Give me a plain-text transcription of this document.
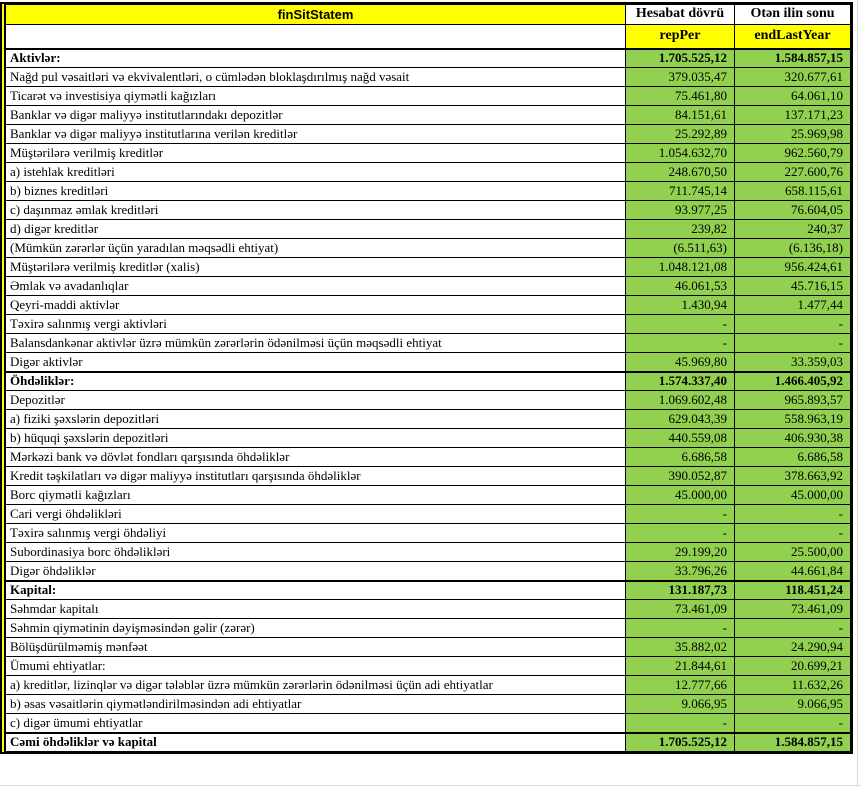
finSitStatem	Hesabat dövrü	Otən ilin sonu
	repPer	endLastYear
Aktivlər:	1.705.525,12	1.584.857,15
Nağd pul vəsaitləri və ekvivalentləri, o cümlədən bloklaşdırılmış nağd vəsait	379.035,47	320.677,61
Ticarət və investisiya qiymətli kağızları	75.461,80	64.061,10
Banklar və digər maliyyə institutlarındakı depozitlər	84.151,61	137.171,23
Banklar və digər maliyyə institutlarına verilən kreditlər	25.292,89	25.969,98
Müştərilərə verilmiş kreditlər	1.054.632,70	962.560,79
a) istehlak kreditləri	248.670,50	227.600,76
b) biznes kreditləri	711.745,14	658.115,61
c) daşınmaz əmlak kreditləri	93.977,25	76.604,05
d) digər kreditlər	239,82	240,37
(Mümkün zərərlər üçün yaradılan məqsədli ehtiyat)	(6.511,63)	(6.136,18)
Müştərilərə verilmiş kreditlər (xalis)	1.048.121,08	956.424,61
Əmlak və avadanlıqlar	46.061,53	45.716,15
Qeyri-maddi aktivlər	1.430,94	1.477,44
Təxirə salınmış vergi aktivləri	-	-
Balansdankənar aktivlər üzrə mümkün zərərlərin ödənilməsi üçün məqsədli ehtiyat	-	-
Digər aktivlər	45.969,80	33.359,03
Öhdəliklər:	1.574.337,40	1.466.405,92
Depozitlər	1.069.602,48	965.893,57
a) fiziki şəxslərin depozitləri	629.043,39	558.963,19
b) hüquqi şəxslərin depozitləri	440.559,08	406.930,38
Mərkəzi bank və dövlət fondları qarşısında öhdəliklər	6.686,58	6.686,58
Kredit təşkilatları və digər maliyyə institutları qarşısında öhdəliklər	390.052,87	378.663,92
Borc qiymətli kağızları	45.000,00	45.000,00
Cari vergi öhdəlikləri	-	-
Təxirə salınmış vergi öhdəliyi	-	-
Subordinasiya borc öhdəlikləri	29.199,20	25.500,00
Digər öhdəliklər	33.796,26	44.661,84
Kapital:	131.187,73	118.451,24
Səhmdar kapitalı	73.461,09	73.461,09
Səhmin qiymətinin dəyişməsindən gəlir (zərər)	-	-
Bölüşdürülməmiş mənfəət	35.882,02	24.290,94
Ümumi ehtiyatlar:	21.844,61	20.699,21
a) kreditlər, lizinqlər və digər tələblər üzrə mümkün zərərlərin ödənilməsi üçün adi ehtiyatlar	12.777,66	11.632,26
b) əsas vəsaitlərin qiymətləndirilməsindən adi ehtiyatlar	9.066,95	9.066,95
c) digər ümumi ehtiyatlar	-	-
Cəmi öhdəliklər və kapital	1.705.525,12	1.584.857,15
